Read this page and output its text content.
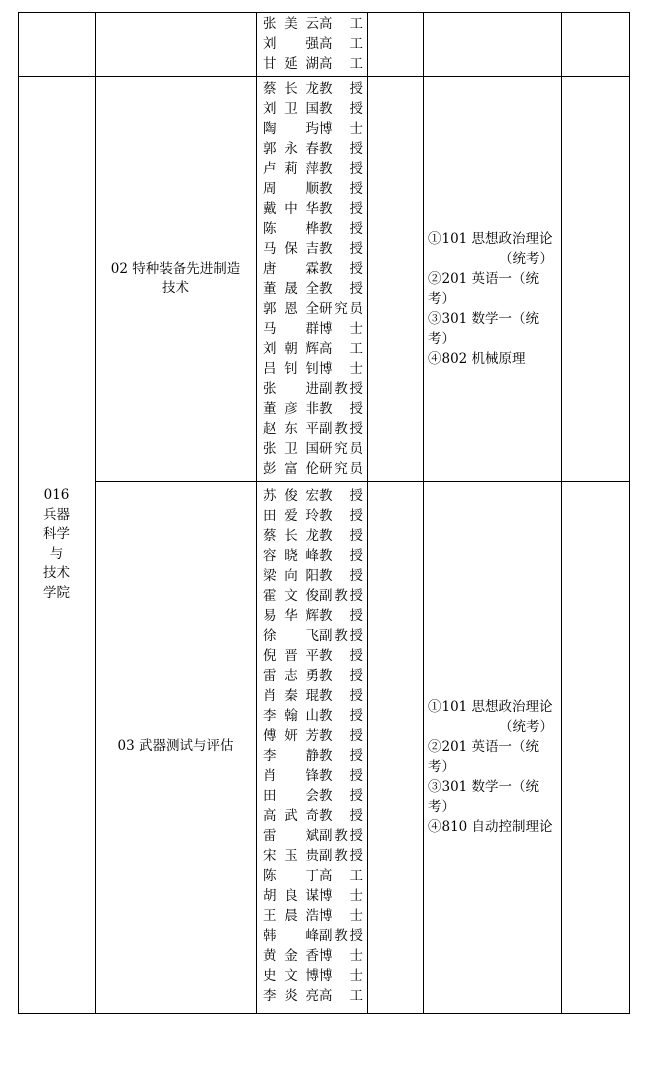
张 美 云 高 工
刘 强 高 工
甘 延 湖 高 工
016
兵器
科学
与
技术
学院
02 特种装备先进制造
技术
蔡 长 龙 教 授
刘 卫 国 教 授
陶 玙 博 士
郭 永 春 教 授
卢 莉 萍 教 授
周 顺 教 授
戴 中 华 教 授
陈 桦 教 授
马 保 吉 教 授
唐 霖 教 授
董 晟 全 教 授
郭 恩 全 研 究 员
马 群 博 士
刘 朝 辉 高 工
吕 钊 钊 博 士
张 进 副 教 授
董 彦 非 教 授
赵 东 平 副 教 授
张 卫 国 研 究 员
彭 富 伦 研 究 员
①101 思想政治理论
（统考）
②201 英语一（统考）
③301 数学一（统考）
④802 机械原理
03 武器测试与评估
苏 俊 宏 教 授
田 爱 玲 教 授
蔡 长 龙 教 授
容 晓 峰 教 授
梁 向 阳 教 授
霍 文 俊 副 教 授
易 华 辉 教 授
徐 飞 副 教 授
倪 晋 平 教 授
雷 志 勇 教 授
肖 秦 琨 教 授
李 翰 山 教 授
傅 妍 芳 教 授
李 静 教 授
肖 锋 教 授
田 会 教 授
高 武 奇 教 授
雷 斌 副 教 授
宋 玉 贵 副 教 授
陈 丁 高 工
胡 良 谋 博 士
王 晨 浩 博 士
韩 峰 副 教 授
黄 金 香 博 士
史 文 博 博 士
李 炎 亮 高 工
①101 思想政治理论
（统考）
②201 英语一（统考）
③301 数学一（统考）
④810 自动控制理论
